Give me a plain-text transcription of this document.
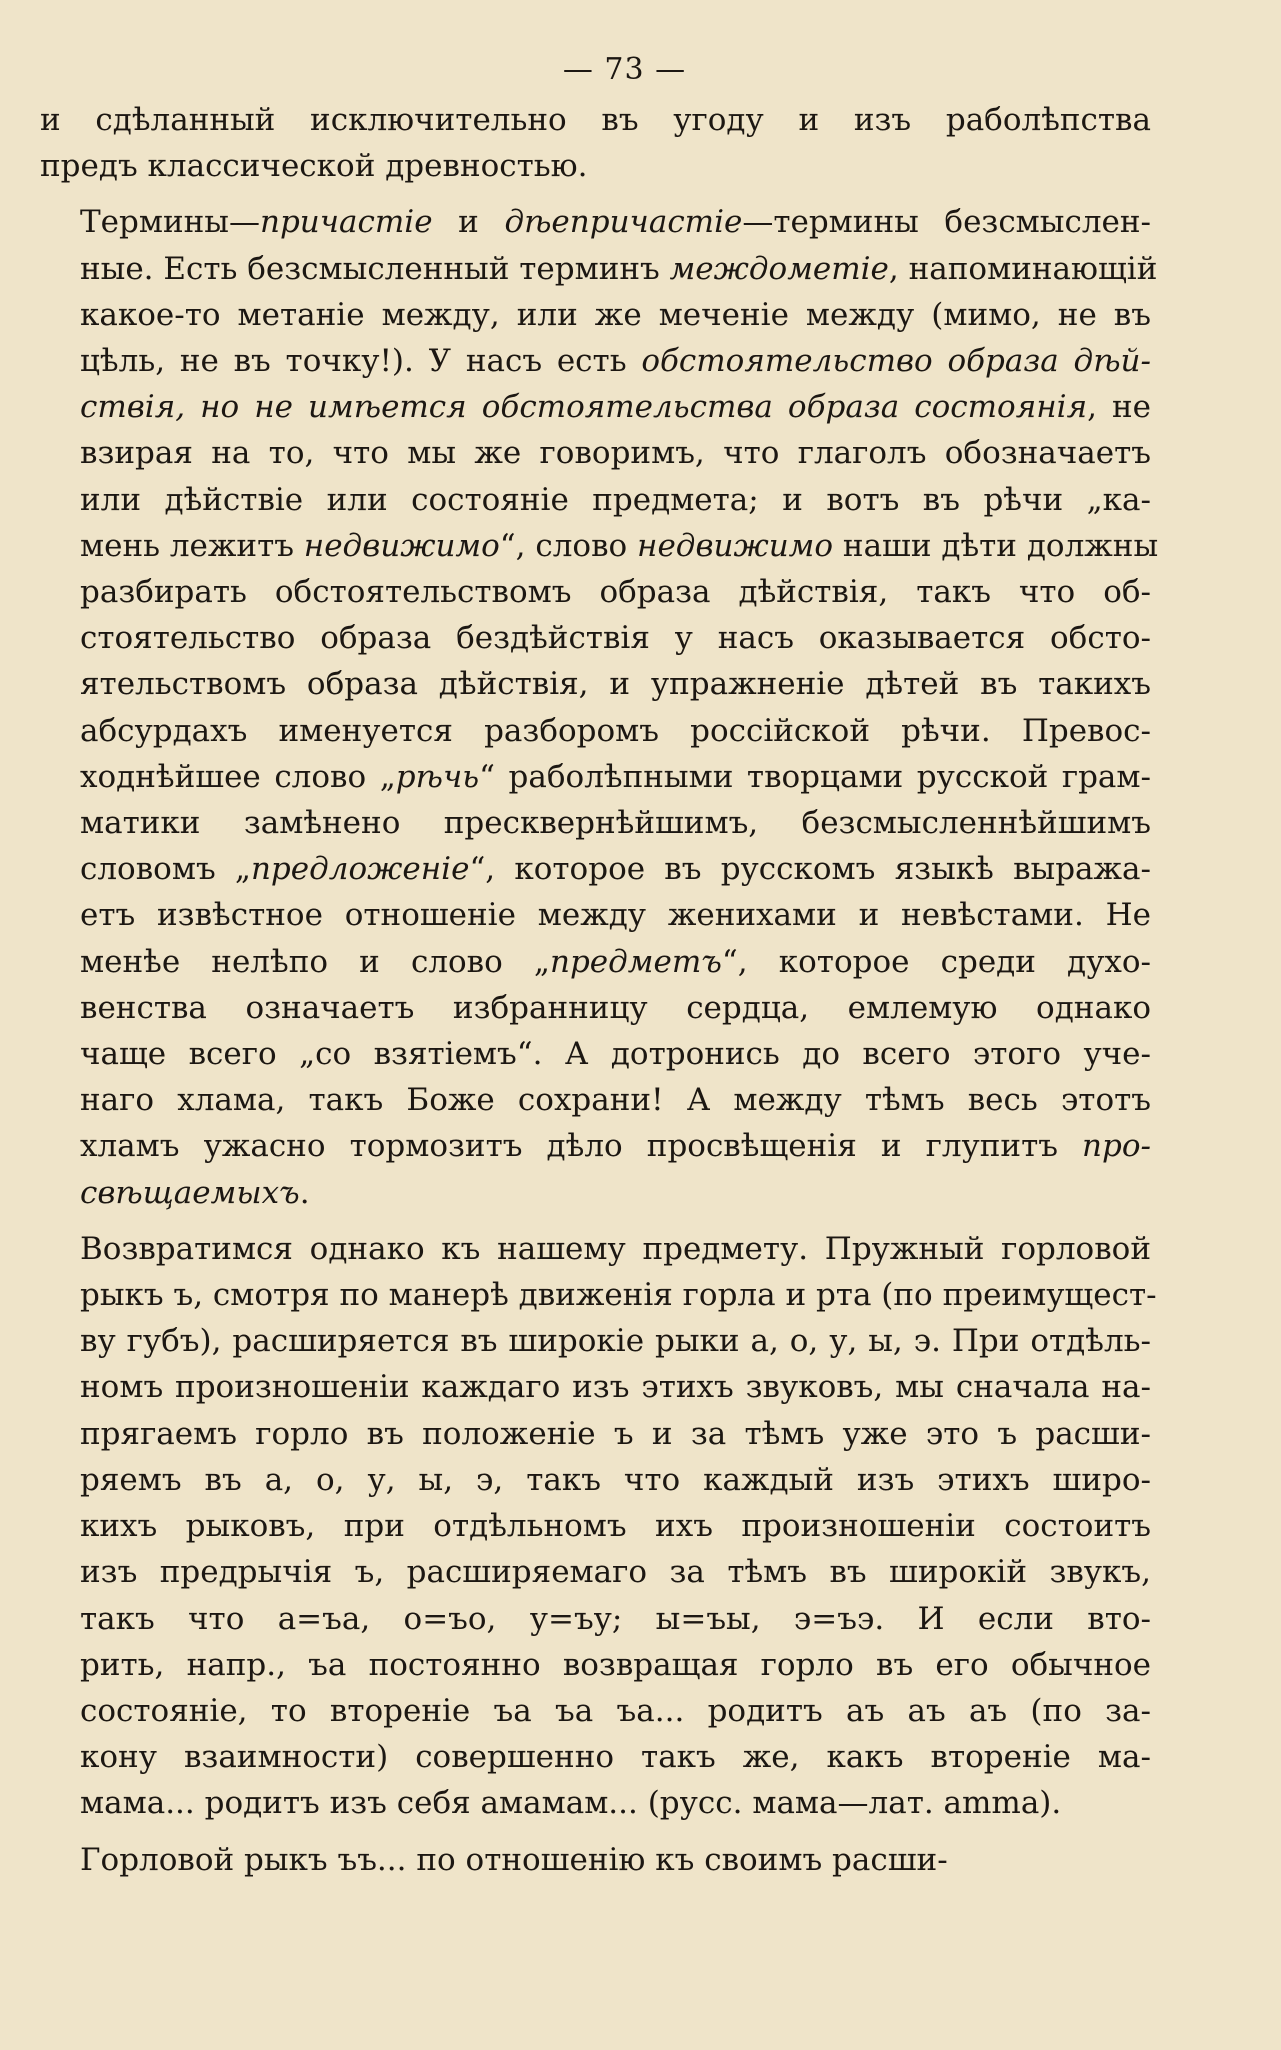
— 73 —
и сдѣланный исключительно въ угоду и изъ раболѣпства
предъ классической древностью.
Термины—причастіе и дѣепричастіе—термины безсмыслен-
ные. Есть безсмысленный терминъ междометіе, напоминающій
какое-то метаніе между, или же меченіе между (мимо, не въ
цѣль, не въ точку!). У насъ есть обстоятельство образа дѣй-
ствія, но не имѣется обстоятельства образа состоянія, не
взирая на то, что мы же говоримъ, что глаголъ обозначаетъ
или дѣйствіе или состояніе предмета; и вотъ въ рѣчи „ка-
мень лежитъ недвижимо“, слово недвижимо наши дѣти должны
разбирать обстоятельствомъ образа дѣйствія, такъ что об-
стоятельство образа бездѣйствія у насъ оказывается обсто-
ятельствомъ образа дѣйствія, и упражненіе дѣтей въ такихъ
абсурдахъ именуется разборомъ россійской рѣчи. Превос-
ходнѣйшее слово „рѣчь“ раболѣпными творцами русской грам-
матики замѣнено пресквернѣйшимъ, безсмысленнѣйшимъ
словомъ „предложеніе“, которое въ русскомъ языкѣ выража-
етъ извѣстное отношеніе между женихами и невѣстами. Не
менѣе нелѣпо и слово „предметъ“, которое среди духо-
венства означаетъ избранницу сердца, емлемую однако
чаще всего „со взятіемъ“. А дотронись до всего этого уче-
наго хлама, такъ Боже сохрани! А между тѣмъ весь этотъ
хламъ ужасно тормозитъ дѣло просвѣщенія и глупитъ про-
свѣщаемыхъ.
Возвратимся однако къ нашему предмету. Пружный горловой
рыкъ ъ, смотря по манерѣ движенія горла и рта (по преимущест-
ву губъ), расширяется въ широкіе рыки а, о, у, ы, э. При отдѣль-
номъ произношеніи каждаго изъ этихъ звуковъ, мы сначала на-
прягаемъ горло въ положеніе ъ и за тѣмъ уже это ъ расши-
ряемъ въ а, о, у, ы, э, такъ что каждый изъ этихъ широ-
кихъ рыковъ, при отдѣльномъ ихъ произношеніи состоитъ
изъ предрычія ъ, расширяемаго за тѣмъ въ широкій звукъ,
такъ что а=ъа, о=ъо, у=ъу; ы=ъы, э=ъэ. И если вто-
рить, напр., ъа постоянно возвращая горло въ его обычное
состояніе, то втореніе ъа ъа ъа... родитъ аъ аъ аъ (по за-
кону взаимности) совершенно такъ же, какъ втореніе ма-
мама... родитъ изъ себя амамам... (русс. мама—лат. amma).
Горловой рыкъ ъъ... по отношенію къ своимъ расши-
